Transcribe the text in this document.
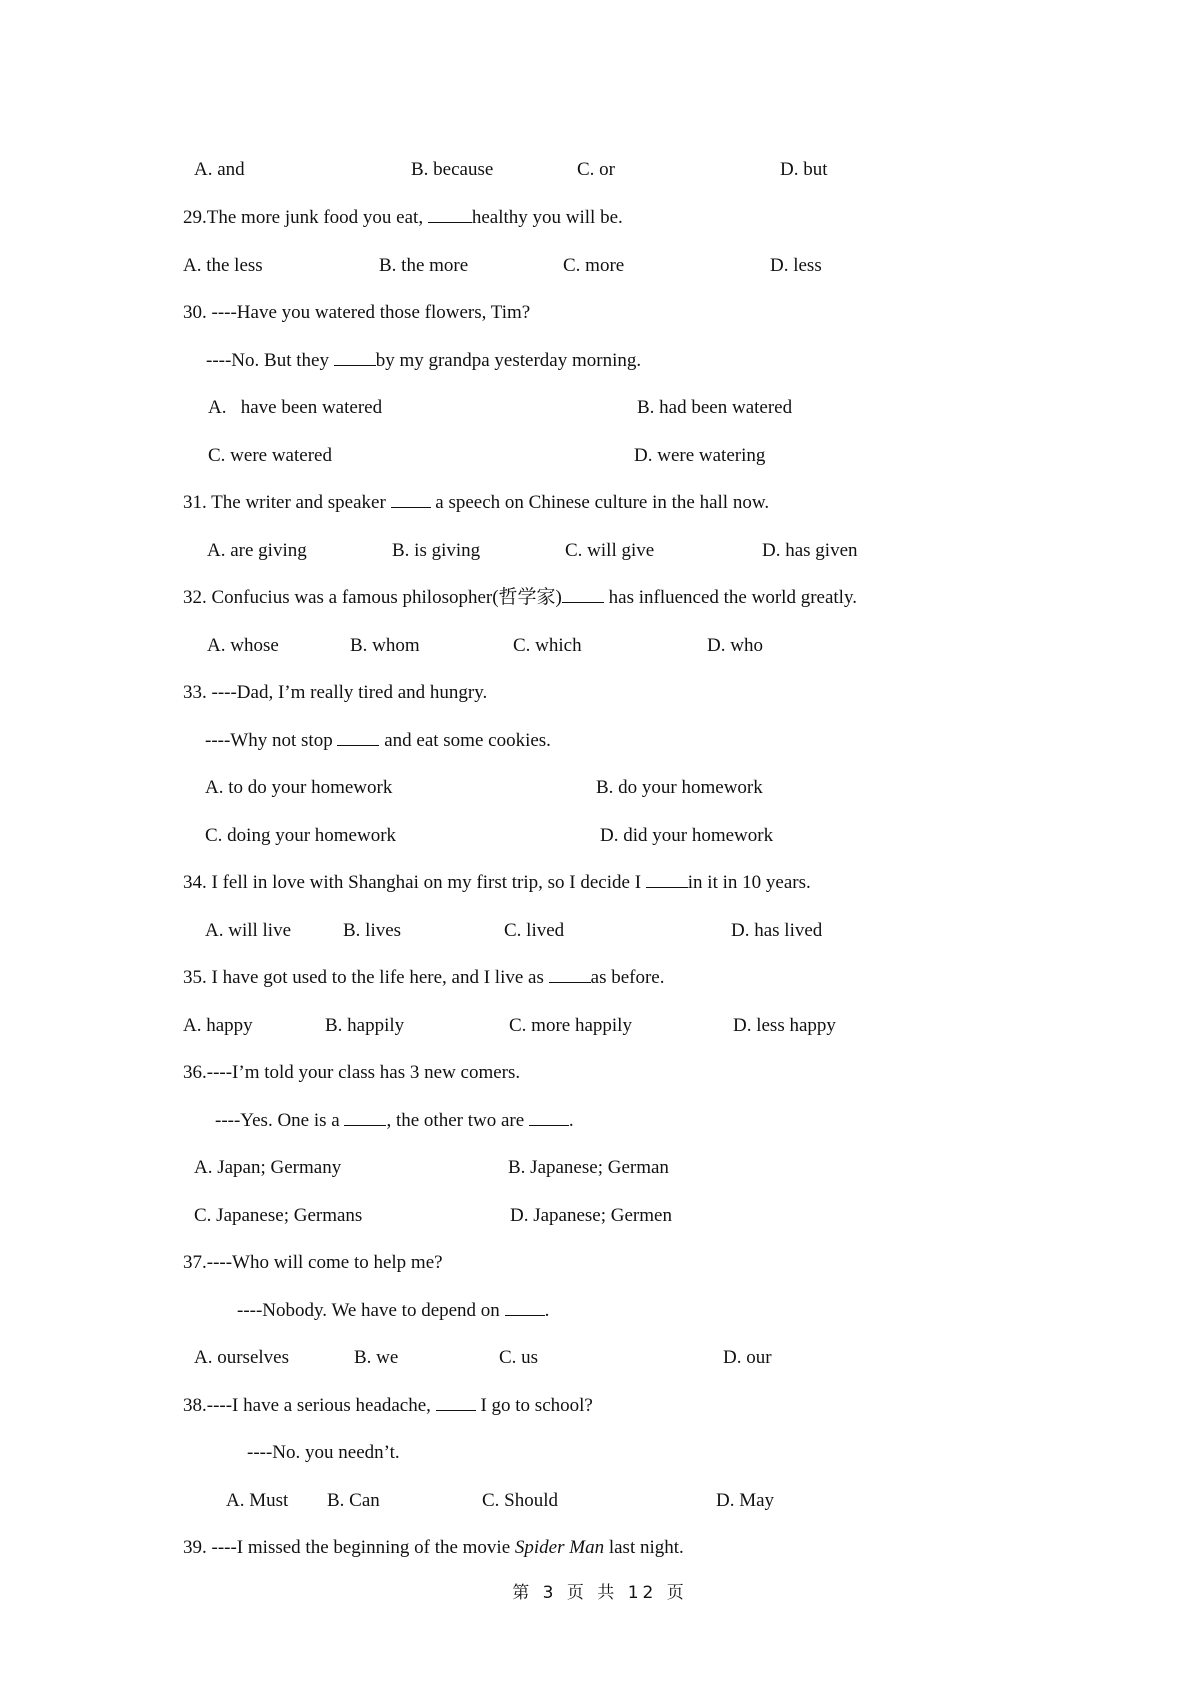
A. and	B. because	C. or	D. but
29.The more junk food you eat, healthy you will be.
A. the less	B. the more	C. more	D. less
30. ----Have you watered those flowers, Tim?
----No. But they by my grandpa yesterday morning.
A.   have been watered	B. had been watered
C. were watered	D. were watering
31. The writer and speaker  a speech on Chinese culture in the hall now.
A. are giving	B. is giving	C. will give	D. has given
32. Confucius was a famous philosopher(哲学家) has influenced the world greatly.
A. whose	B. whom	C. which	D. who
33. ----Dad, I’m really tired and hungry.
----Why not stop  and eat some cookies.
A. to do your homework	B. do your homework
C. doing your homework	D. did your homework
34. I fell in love with Shanghai on my first trip, so I decide I in it in 10 years.
A. will live	B. lives	C. lived	D. has lived
35. I have got used to the life here, and I live as as before.
A. happy	B. happily	C. more happily	D. less happy
36.----I’m told your class has 3 new comers.
----Yes. One is a , the other two are .
A. Japan; Germany	B. Japanese; German
C. Japanese; Germans	D. Japanese; Germen
37.----Who will come to help me?
----Nobody. We have to depend on .
A. ourselves	B. we	C. us	D. our
38.----I have a serious headache,  I go to school?
----No. you needn’t.
A. Must B. Can	C. Should	D. May
39. ----I missed the beginning of the movie Spider Man last night.
第 3 页 共 12 页
